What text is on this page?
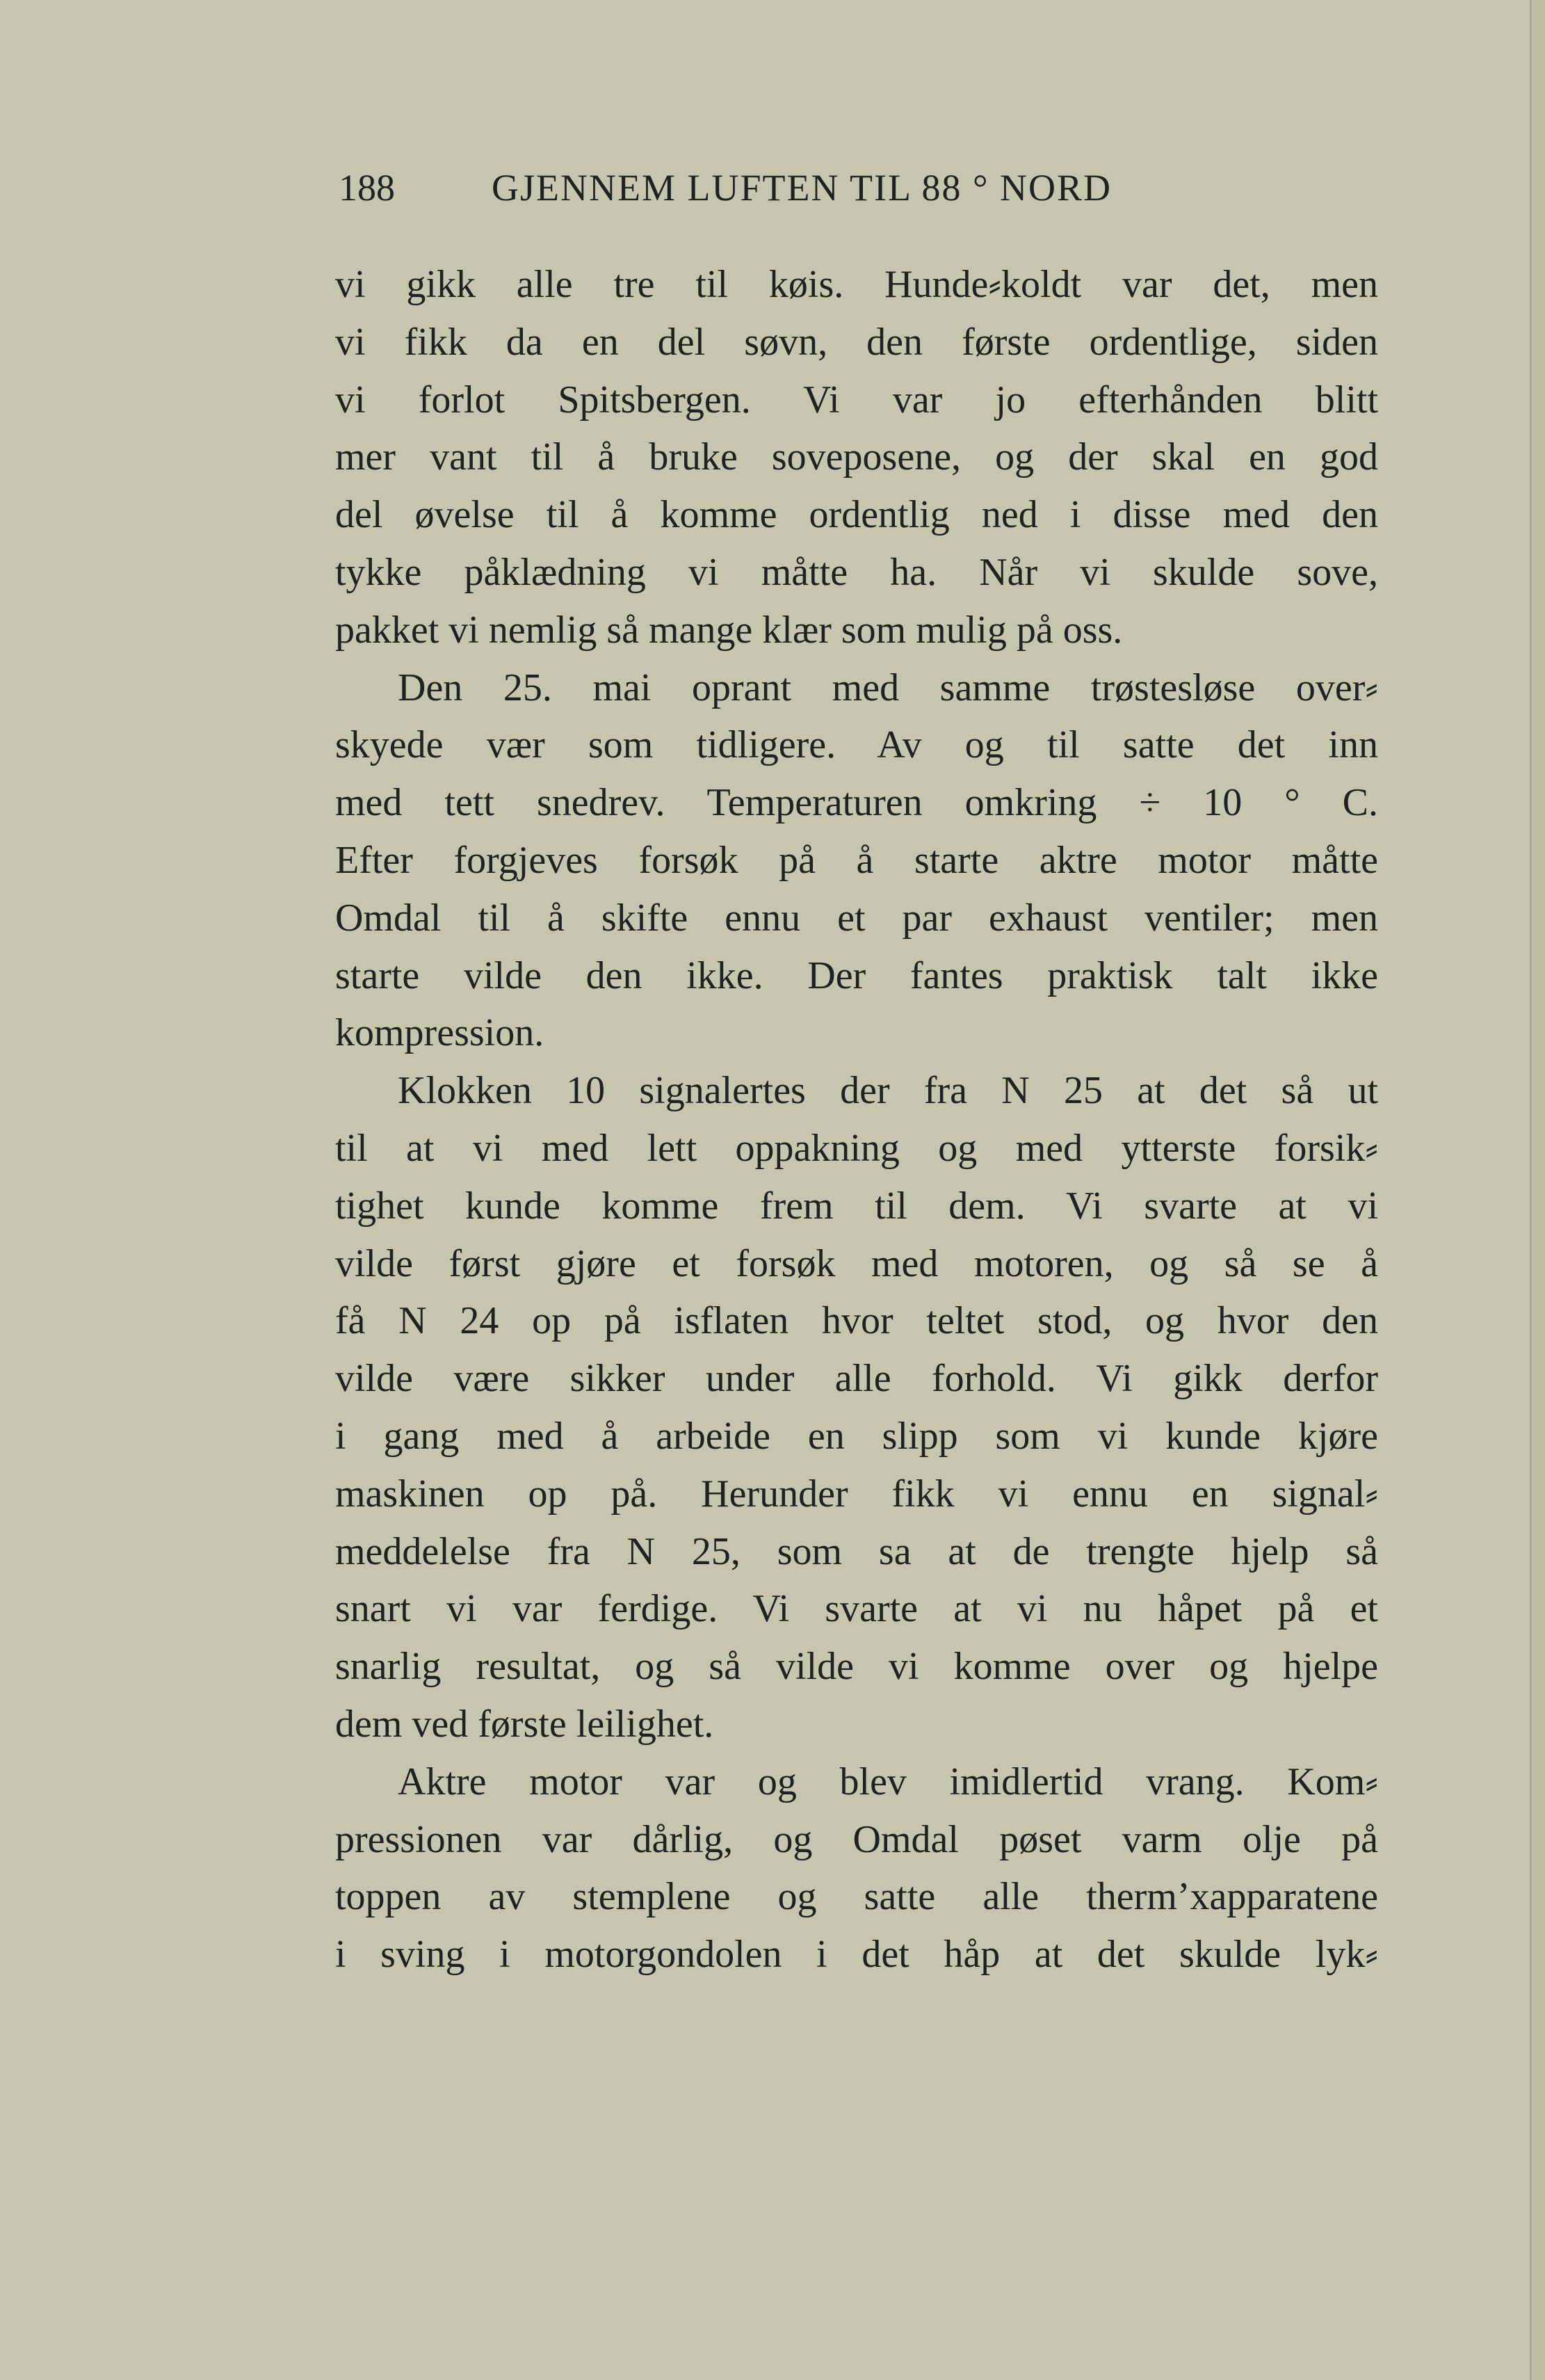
188	GJENNEM LUFTEN TIL 88 ° NORD
vi gikk alle tre til køis. Hunde⸗koldt var det, men
vi fikk da en del søvn, den første ordentlige, siden
vi forlot Spitsbergen. Vi var jo efterhånden blitt
mer vant til å bruke soveposene, og der skal en god
del øvelse til å komme ordentlig ned i disse med den
tykke påklædning vi måtte ha. Når vi skulde sove,
pakket vi nemlig så mange klær som mulig på oss.
Den 25. mai oprant med samme trøstesløse over⸗
skyede vær som tidligere. Av og til satte det inn
med tett snedrev. Temperaturen omkring ÷ 10 ° C.
Efter forgjeves forsøk på å starte aktre motor måtte
Omdal til å skifte ennu et par exhaust ventiler; men
starte vilde den ikke. Der fantes praktisk talt ikke
kompression.
Klokken 10 signalertes der fra N 25 at det så ut
til at vi med lett oppakning og med ytterste forsik⸗
tighet kunde komme frem til dem. Vi svarte at vi
vilde først gjøre et forsøk med motoren, og så se å
få N 24 op på isflaten hvor teltet stod, og hvor den
vilde være sikker under alle forhold. Vi gikk derfor
i gang med å arbeide en slipp som vi kunde kjøre
maskinen op på. Herunder fikk vi ennu en signal⸗
meddelelse fra N 25, som sa at de trengte hjelp så
snart vi var ferdige. Vi svarte at vi nu håpet på et
snarlig resultat, og så vilde vi komme over og hjelpe
dem ved første leilighet.
Aktre motor var og blev imidlertid vrang. Kom⸗
pressionen var dårlig, og Omdal pøset varm olje på
toppen av stemplene og satte alle therm’xapparatene
i sving i motorgondolen i det håp at det skulde lyk⸗
